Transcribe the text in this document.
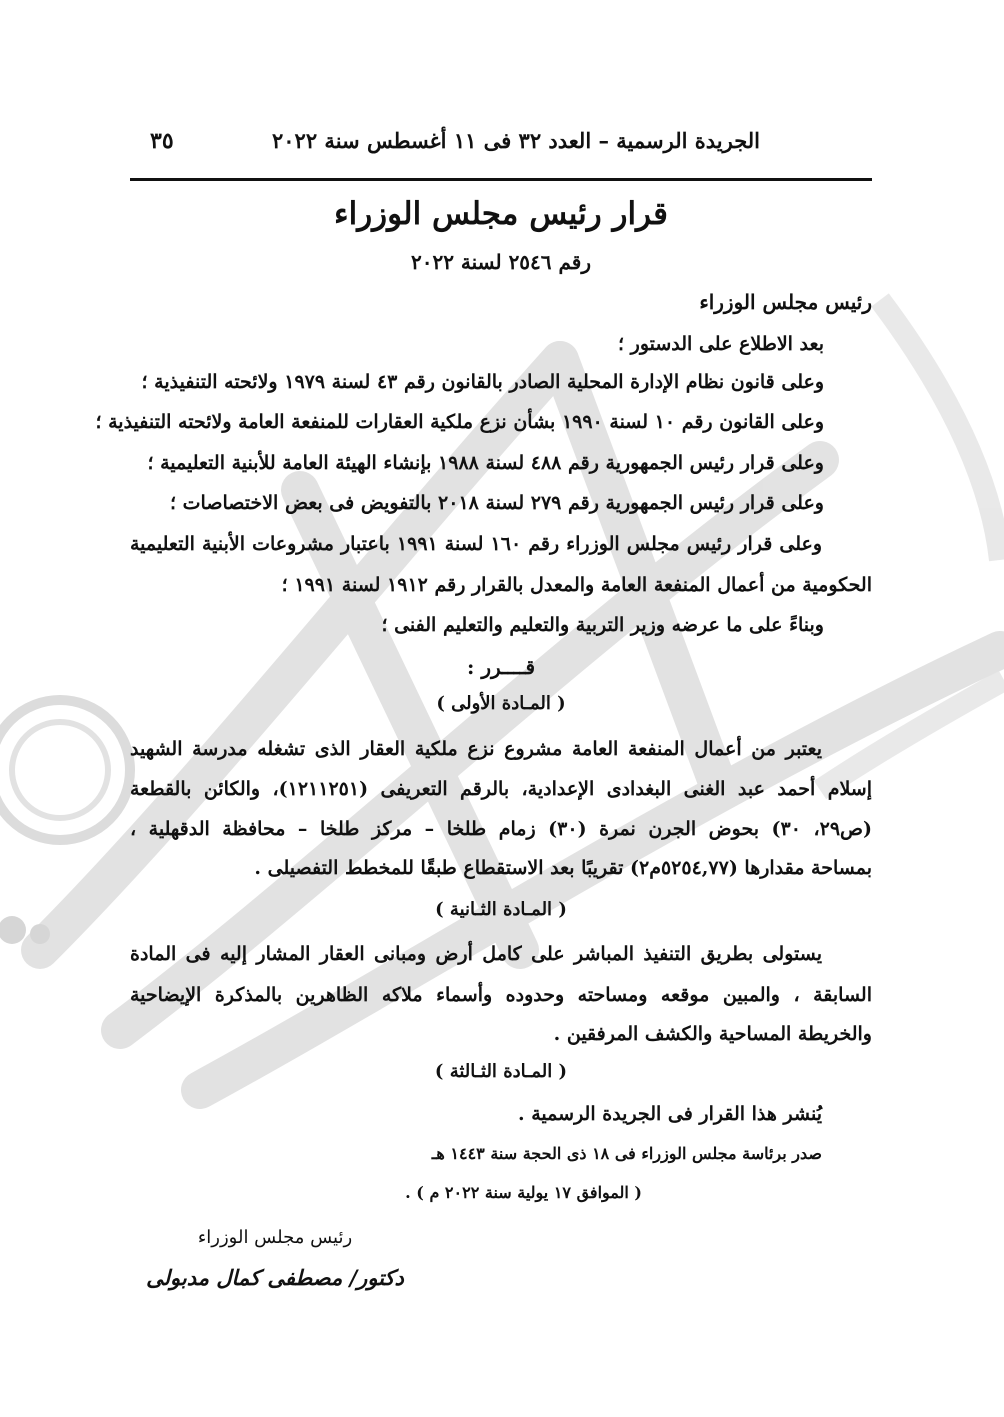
الجريدة الرسمية – العدد ٣٢ فى ١١ أغسطس سنة ٢٠٢٢
٣٥
قرار رئيس مجلس الوزراء
رقم ٢٥٤٦ لسنة ٢٠٢٢
رئيس مجلس الوزراء
بعد الاطلاع على الدستور ؛
وعلى قانون نظام الإدارة المحلية الصادر بالقانون رقم ٤٣ لسنة ١٩٧٩ ولائحته التنفيذية ؛
وعلى القانون رقم ١٠ لسنة ١٩٩٠ بشأن نزع ملكية العقارات للمنفعة العامة ولائحته التنفيذية ؛
وعلى قرار رئيس الجمهورية رقم ٤٨٨ لسنة ١٩٨٨ بإنشاء الهيئة العامة للأبنية التعليمية ؛
وعلى قرار رئيس الجمهورية رقم ٢٧٩ لسنة ٢٠١٨ بالتفويض فى بعض الاختصاصات ؛
وعلى قرار رئيس مجلس الوزراء رقم ١٦٠ لسنة ١٩٩١ باعتبار مشروعات الأبنية التعليمية
الحكومية من أعمال المنفعة العامة والمعدل بالقرار رقم ١٩١٢ لسنة ١٩٩١ ؛
وبناءً على ما عرضه وزير التربية والتعليم والتعليم الفنى ؛
قــــرر :
( المـادة الأولى )
يعتبر من أعمال المنفعة العامة مشروع نزع ملكية العقار الذى تشغله مدرسة الشهيد
إسلام أحمد عبد الغنى البغدادى الإعدادية، بالرقم التعريفى (١٢١١٢٥١)، والكائن بالقطعة
(ص٢٩، ٣٠) بحوض الجرن نمرة (٣٠) زمام طلخا – مركز طلخا – محافظة الدقهلية ،
بمساحة مقدارها (٥٢٥٤,٧٧م٢) تقريبًا بعد الاستقطاع طبقًا للمخطط التفصيلى .
( المـادة الثـانية )
يستولى بطريق التنفيذ المباشر على كامل أرض ومبانى العقار المشار إليه فى المادة
السابقة ، والمبين موقعه ومساحته وحدوده وأسماء ملاكه الظاهرين بالمذكرة الإيضاحية
والخريطة المساحية والكشف المرفقين .
( المـادة الثـالثة )
يُنشر هذا القرار فى الجريدة الرسمية .
صدر برئاسة مجلس الوزراء فى ١٨ ذى الحجة سنة ١٤٤٣ هـ
( الموافق ١٧ يولية سنة ٢٠٢٢ م ) .
رئيس مجلس الوزراء
دكتور/ مصطفى كمال مدبولى
